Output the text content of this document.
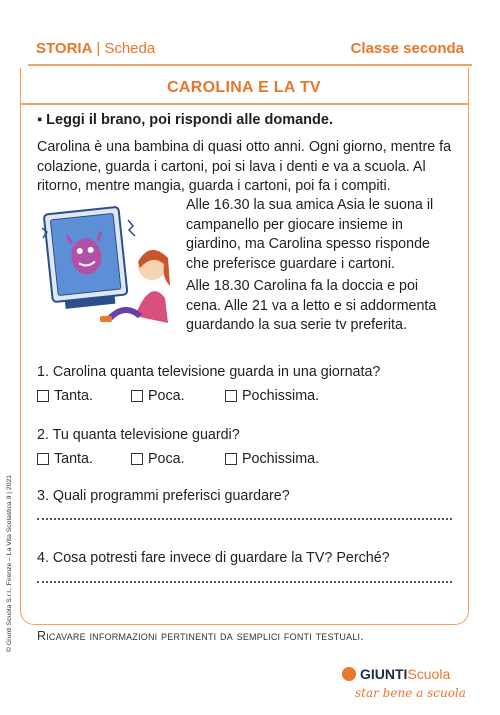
STORIA | Scheda	Classe seconda
CAROLINA E LA TV
▪ Leggi il brano, poi rispondi alle domande.
Carolina è una bambina di quasi otto anni. Ogni giorno, mentre fa colazione, guarda i cartoni, poi si lava i denti e va a scuola. Al ritorno, mentre mangia, guarda i cartoni, poi fa i compiti.
Alle 16.30 la sua amica Asia le suona il campanello per giocare insieme in giardino, ma Carolina spesso risponde che preferisce guardare i cartoni.
Alle 18.30 Carolina fa la doccia e poi cena. Alle 21 va a letto e si addormenta guardando la sua serie tv preferita.
1. Carolina quanta televisione guarda in una giornata?
Tanta.	Poca.	Pochissima.
2. Tu quanta televisione guardi?
Tanta.	Poca.	Pochissima.
3. Quali programmi preferisci guardare?
4. Cosa potresti fare invece di guardare la TV? Perché?
Ricavare informazioni pertinenti da semplici fonti testuali.
© Giunti Scuola S.r.l., Firenze – La Vita Scolastica 9 | 2021
GIUNTI Scuola
star bene a scuola
